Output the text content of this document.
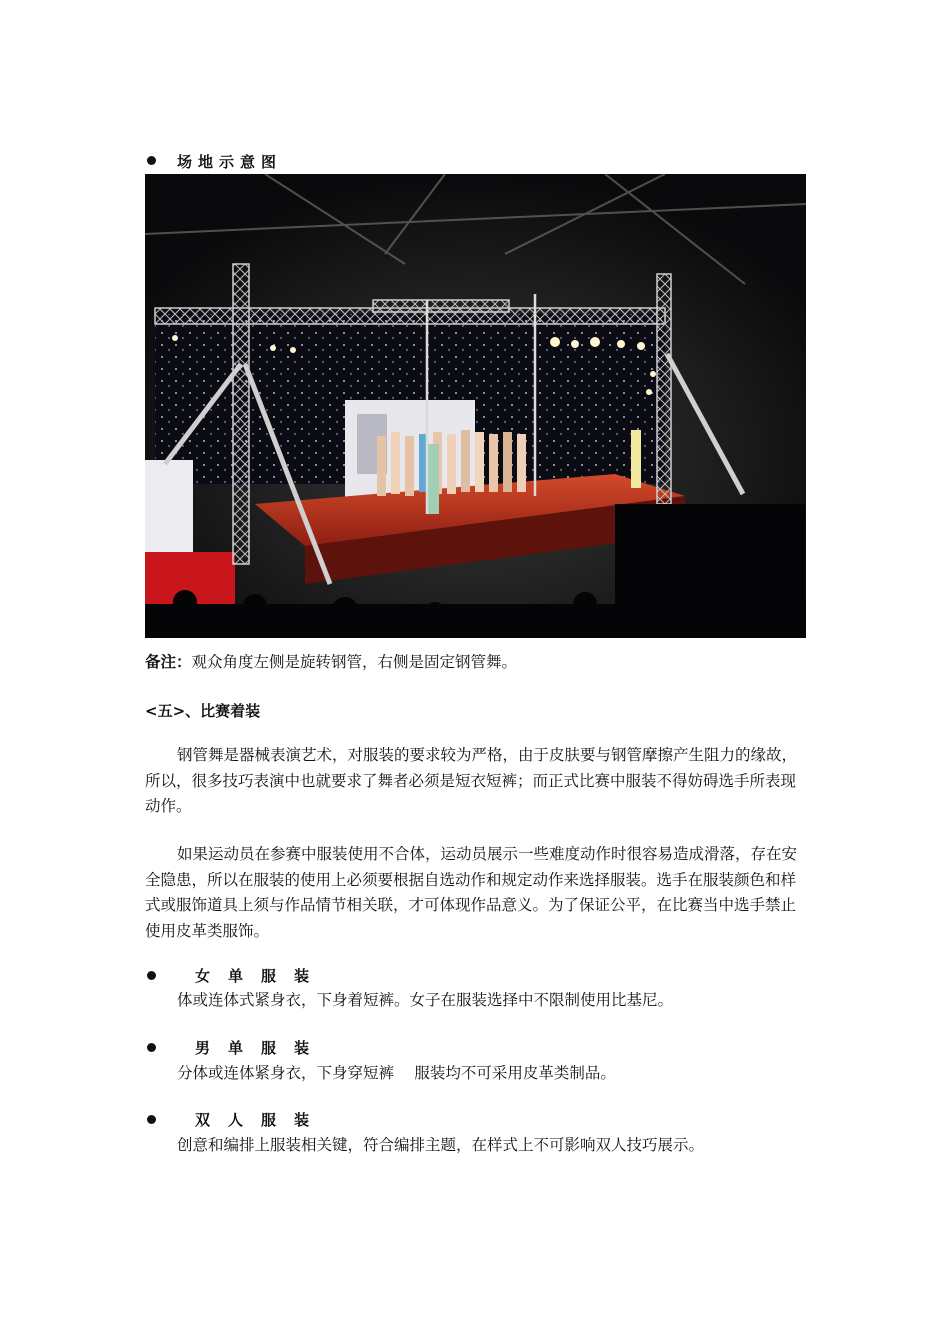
场地示意图
备注：观众角度左侧是旋转钢管，右侧是固定钢管舞。
<五>、比赛着装
钢管舞是器械表演艺术，对服装的要求较为严格，由于皮肤要与钢管摩擦产生阻力的缘故，所以，很多技巧表演中也就要求了舞者必须是短衣短裤；而正式比赛中服装不得妨碍选手所表现动作。
如果运动员在参赛中服装使用不合体，运动员展示一些难度动作时很容易造成滑落，存在安全隐患，所以在服装的使用上必须要根据自选动作和规定动作来选择服装。选手在服装颜色和样式或服饰道具上须与作品情节相关联，才可体现作品意义。为了保证公平，在比赛当中选手禁止使用皮革类服饰。
女单服装
体或连体式紧身衣，下身着短裤。女子在服装选择中不限制使用比基尼。
男单服装
分体或连体紧身衣，下身穿短裤　 服装均不可采用皮革类制品。
双人服装
创意和编排上服装相关键，符合编排主题，在样式上不可影响双人技巧展示。
